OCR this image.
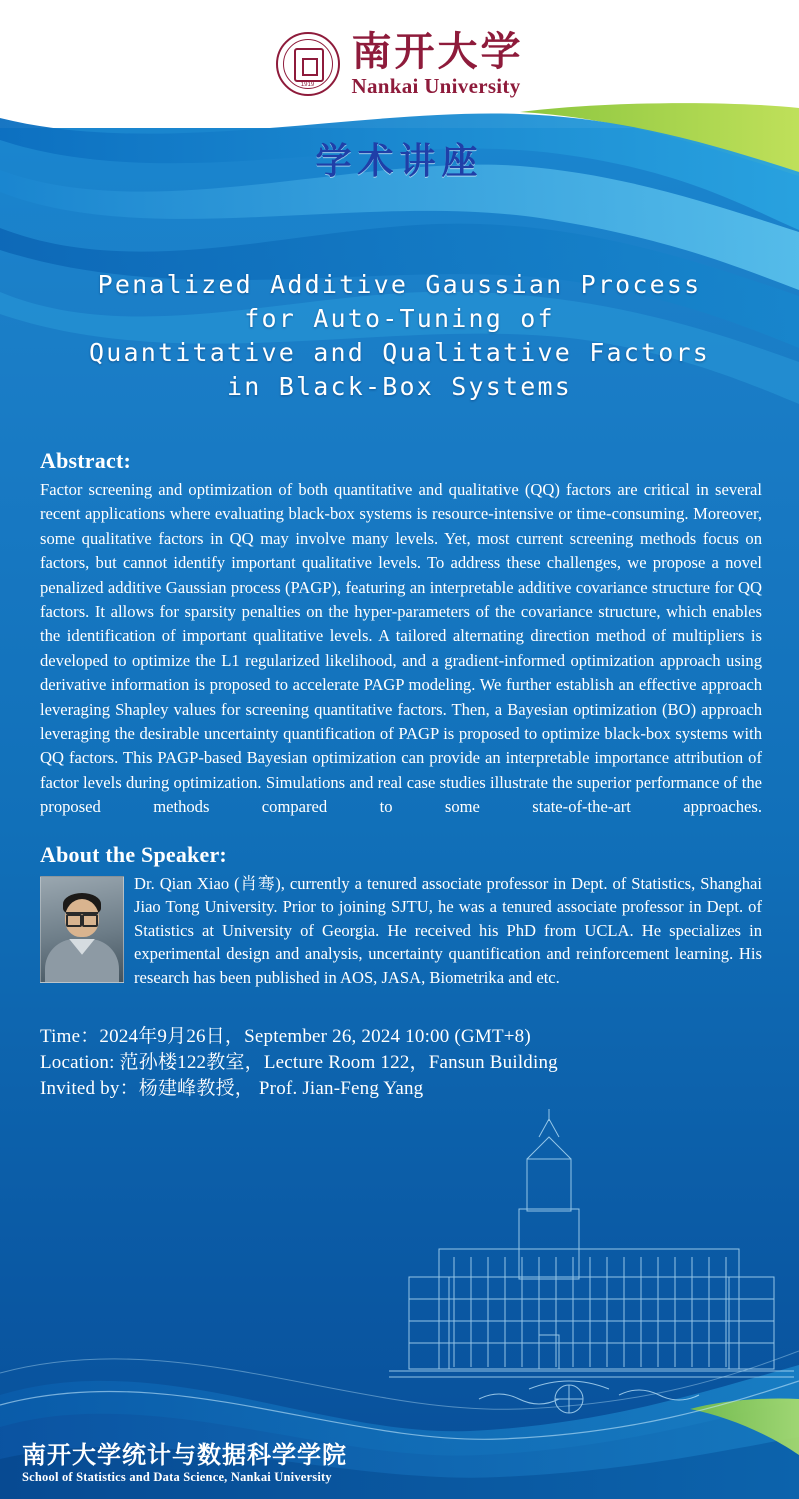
1919
南开大学
Nankai University
学术讲座
Penalized Additive Gaussian Process
for Auto-Tuning of
Quantitative and Qualitative Factors
in Black-Box Systems
Abstract:
Factor screening and optimization of both quantitative and qualitative (QQ) factors are critical in several recent applications where evaluating black-box systems is resource-intensive or time-consuming. Moreover, some qualitative factors in QQ may involve many levels. Yet, most current screening methods focus on factors, but cannot identify important qualitative levels. To address these challenges, we propose a novel penalized additive Gaussian process (PAGP), featuring an interpretable additive covariance structure for QQ factors. It allows for sparsity penalties on the hyper-parameters of the covariance structure, which enables the identification of important qualitative levels. A tailored alternating direction method of multipliers is developed to optimize the L1 regularized likelihood, and a gradient-informed optimization approach using derivative information is proposed to accelerate PAGP modeling. We further establish an effective approach leveraging Shapley values for screening quantitative factors. Then, a Bayesian optimization (BO) approach leveraging the desirable uncertainty quantification of PAGP is proposed to optimize black-box systems with QQ factors. This PAGP-based Bayesian optimization can provide an interpretable importance attribution of factor levels during optimization. Simulations and real case studies illustrate the superior performance of the proposed methods compared to some state-of-the-art approaches.
About the Speaker:
Dr. Qian Xiao (肖骞), currently a tenured associate professor in Dept. of Statistics, Shanghai Jiao Tong University. Prior to joining SJTU, he was a tenured associate professor in Dept. of Statistics at University of Georgia. He received his PhD from UCLA. He specializes in experimental design and analysis, uncertainty quantification and reinforcement learning. His research has been published in AOS, JASA, Biometrika and etc.
Time：2024年9月26日，September 26, 2024 10:00 (GMT+8)
Location: 范孙楼122教室，Lecture Room 122，Fansun Building
Invited by：杨建峰教授， Prof. Jian-Feng Yang
南开大学统计与数据科学学院
School of Statistics and Data Science, Nankai University
